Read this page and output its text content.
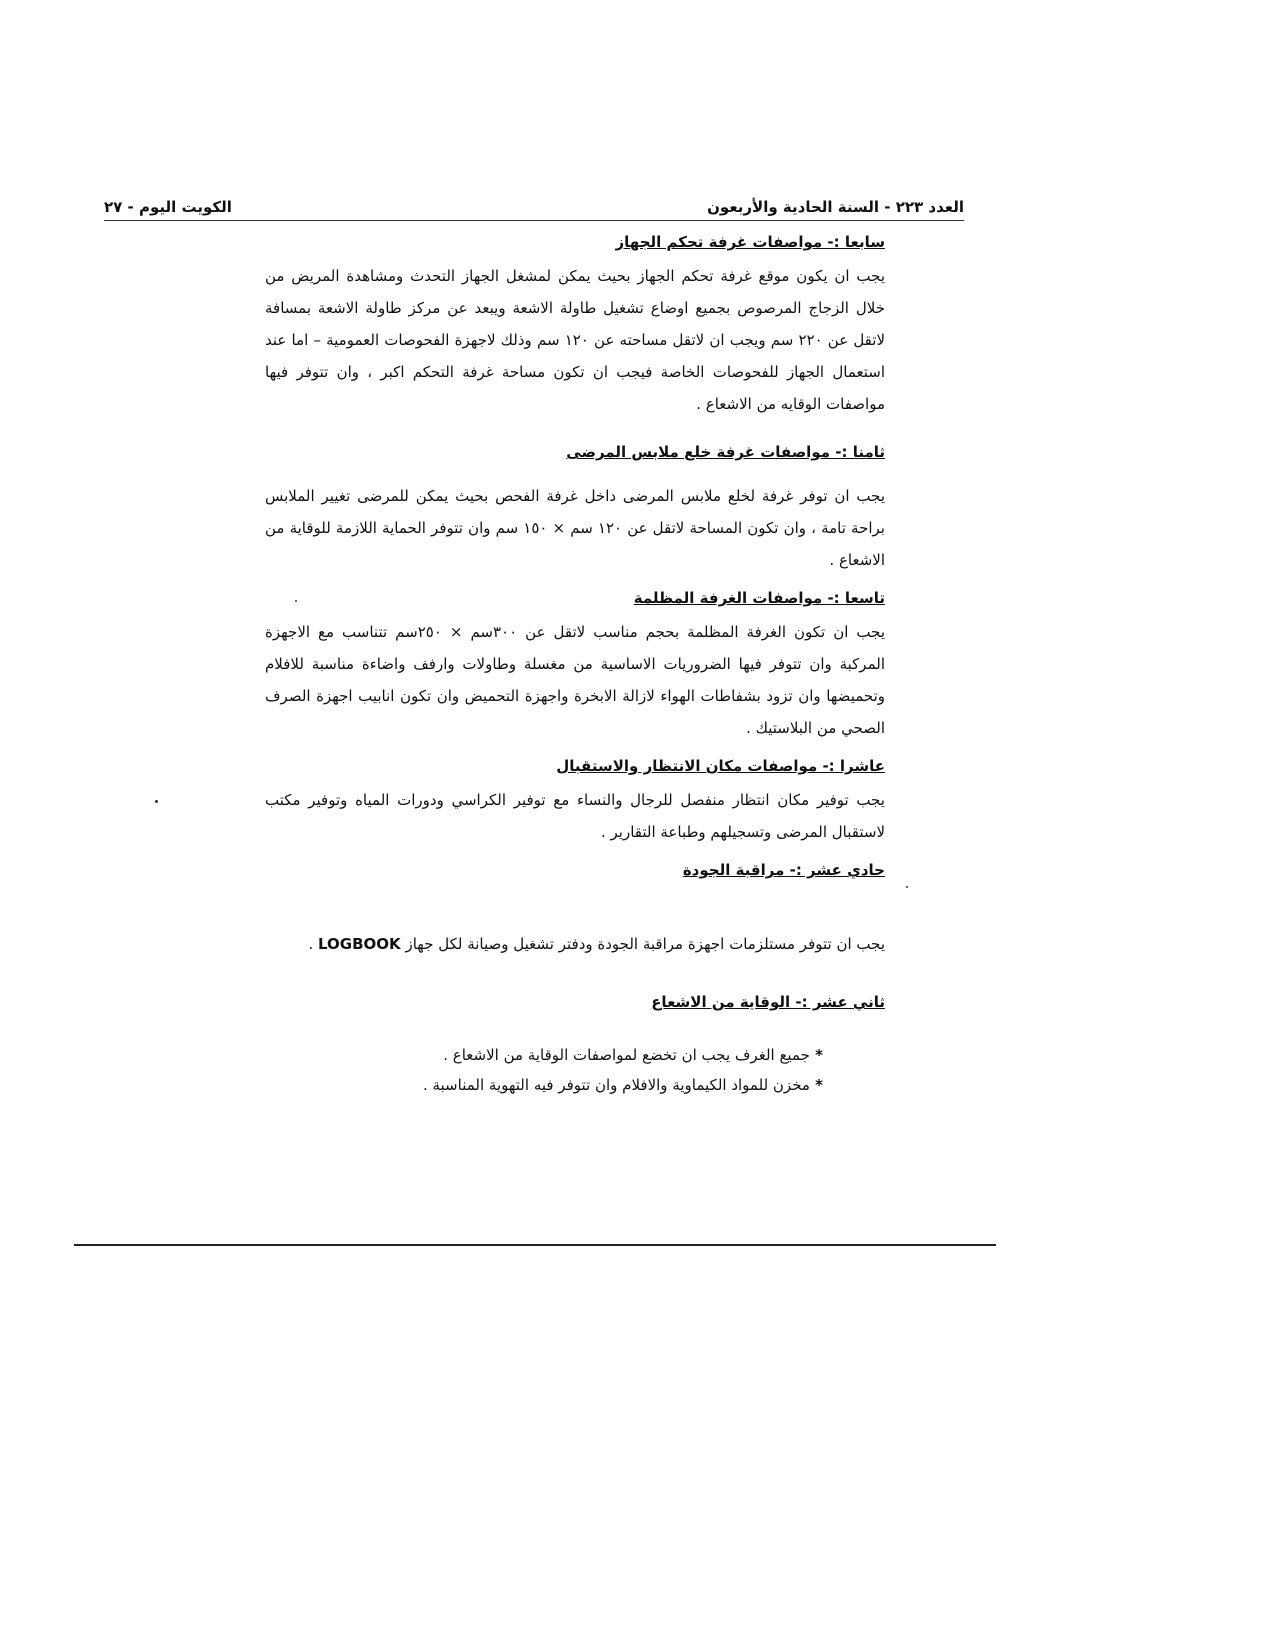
الكويت اليوم - ٢٧	العدد ٢٢٣ - السنة الحادية والأربعون
سابعا :- مواصفات غرفة تحكم الجهاز

يجب ان يكون موقع غرفة تحكم الجهاز بحيث يمكن لمشغل الجهاز التحدث ومشاهدة المريض من خلال الزجاج المرصوص بجميع اوضاع تشغيل طاولة الاشعة ويبعد عن مركز طاولة الاشعة بمسافة لاتقل عن ٢٢٠ سم ويجب ان لاتقل مساحته عن ١٢٠ سم وذلك لاجهزة الفحوصات العمومية – اما عند استعمال الجهاز للفحوصات الخاصة فيجب ان تكون مساحة غرفة التحكم اكبر ، وان تتوفر فيها مواصفات الوقايه من الاشعاع .

ثامنا :- مواصفات غرفة خلع ملابس المرضى

يجب ان توفر غرفة لخلع ملابس المرضى داخل غرفة الفحص بحيث يمكن للمرضى تغيير الملابس براحة تامة ، وان تكون المساحة لاتقل عن ١٢٠ سم × ١٥٠ سم وان تتوفر الحماية اللازمة للوقاية من الاشعاع .

تاسعا :- مواصفات الغرفة المظلمة

يجب ان تكون الغرفة المظلمة بحجم مناسب لاتقل عن ٣٠٠سم × ٢٥٠سم تتناسب مع الاجهزة المركبة وان تتوفر فيها الضروريات الاساسية من مغسلة وطاولات وارفف واضاءة مناسبة للافلام وتحميضها وان تزود بشفاطات الهواء لازالة الابخرة واجهزة التحميض وان تكون انابيب اجهزة الصرف الصحي من البلاستيك .

عاشرا :- مواصفات مكان الانتظار والاستقبال

يجب توفير مكان انتظار منفصل للرجال والنساء مع توفير الكراسي ودورات المياه وتوفير مكتب لاستقبال المرضى وتسجيلهم وطباعة التقارير .

حادي عشر :- مراقبة الجودة

يجب ان تتوفر مستلزمات اجهزة مراقبة الجودة ودفتر تشغيل وصيانة لكل جهاز LOGBOOK .

ثاني عشر :- الوقاية من الاشعاع
* جميع الغرف يجب ان تخضع لمواصفات الوقاية من الاشعاع .
* مخزن للمواد الكيماوية والافلام وان تتوفر فيه التهوية المناسبة .
